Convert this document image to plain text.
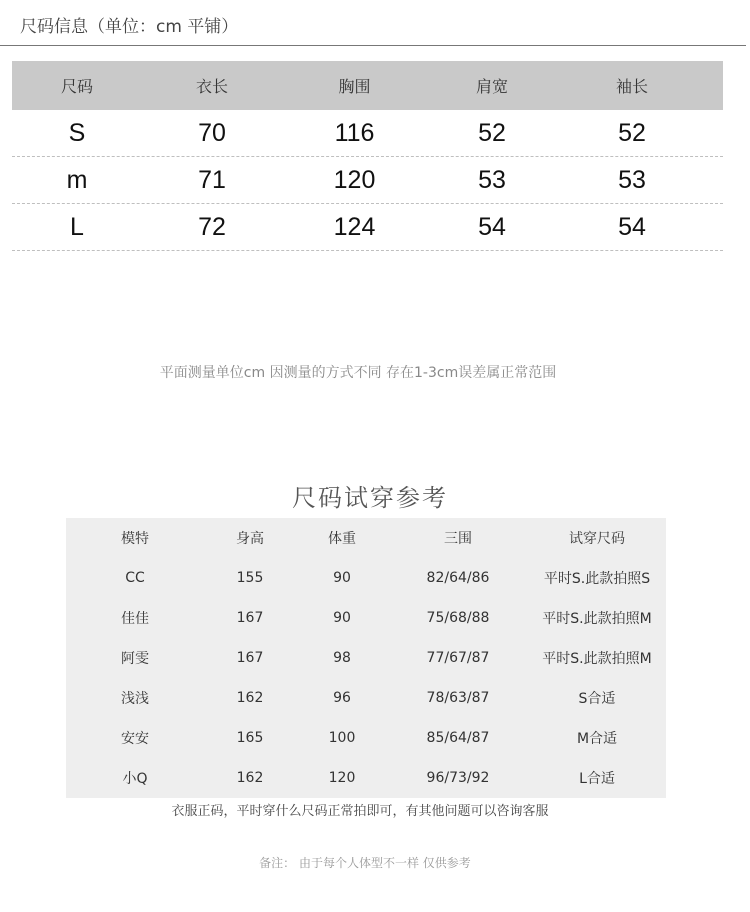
尺码信息（单位：cm 平铺）
尺码	衣长	胸围	肩宽	袖长
S	70	116	52	52
m	71	120	53	53
L	72	124	54	54
平面测量单位cm 因测量的方式不同 存在1-3cm误差属正常范围
尺码试穿参考
模特	身高	体重	三围	试穿尺码
CC	155	90	82/64/86	平时S.此款拍照S
佳佳	167	90	75/68/88	平时S.此款拍照M
阿雯	167	98	77/67/87	平时S.此款拍照M
浅浅	162	96	78/63/87	S合适
安安	165	100	85/64/87	M合适
小Q	162	120	96/73/92	L合适
衣服正码，平时穿什么尺码正常拍即可，有其他问题可以咨询客服
备注： 由于每个人体型不一样 仅供参考
